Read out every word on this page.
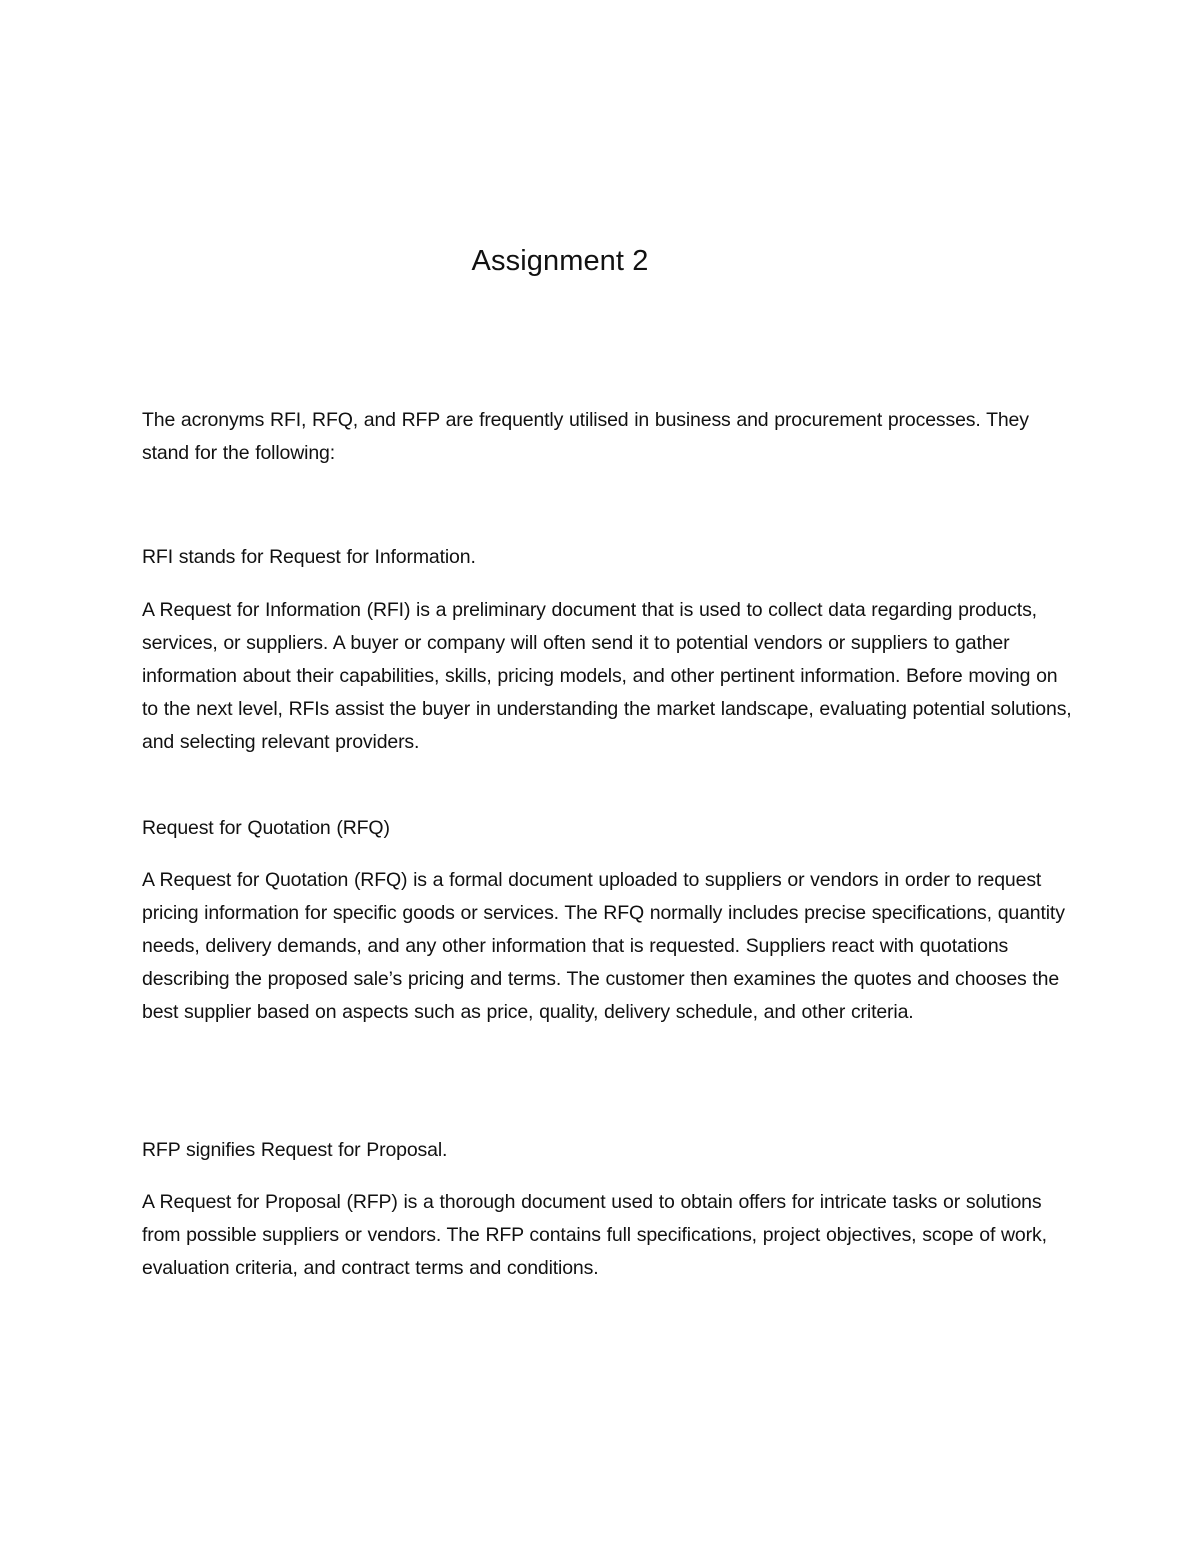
Assignment 2

The acronyms RFI, RFQ, and RFP are frequently utilised in business and procurement processes. They stand for the following:

RFI stands for Request for Information.

A Request for Information (RFI) is a preliminary document that is used to collect data regarding products, services, or suppliers. A buyer or company will often send it to potential vendors or suppliers to gather information about their capabilities, skills, pricing models, and other pertinent information. Before moving on to the next level, RFIs assist the buyer in understanding the market landscape, evaluating potential solutions, and selecting relevant providers.

Request for Quotation (RFQ)

A Request for Quotation (RFQ) is a formal document uploaded to suppliers or vendors in order to request pricing information for specific goods or services. The RFQ normally includes precise specifications, quantity needs, delivery demands, and any other information that is requested. Suppliers react with quotations describing the proposed sale’s pricing and terms. The customer then examines the quotes and chooses the best supplier based on aspects such as price, quality, delivery schedule, and other criteria.

RFP signifies Request for Proposal.

A Request for Proposal (RFP) is a thorough document used to obtain offers for intricate tasks or solutions from possible suppliers or vendors. The RFP contains full specifications, project objectives, scope of work, evaluation criteria, and contract terms and conditions.
